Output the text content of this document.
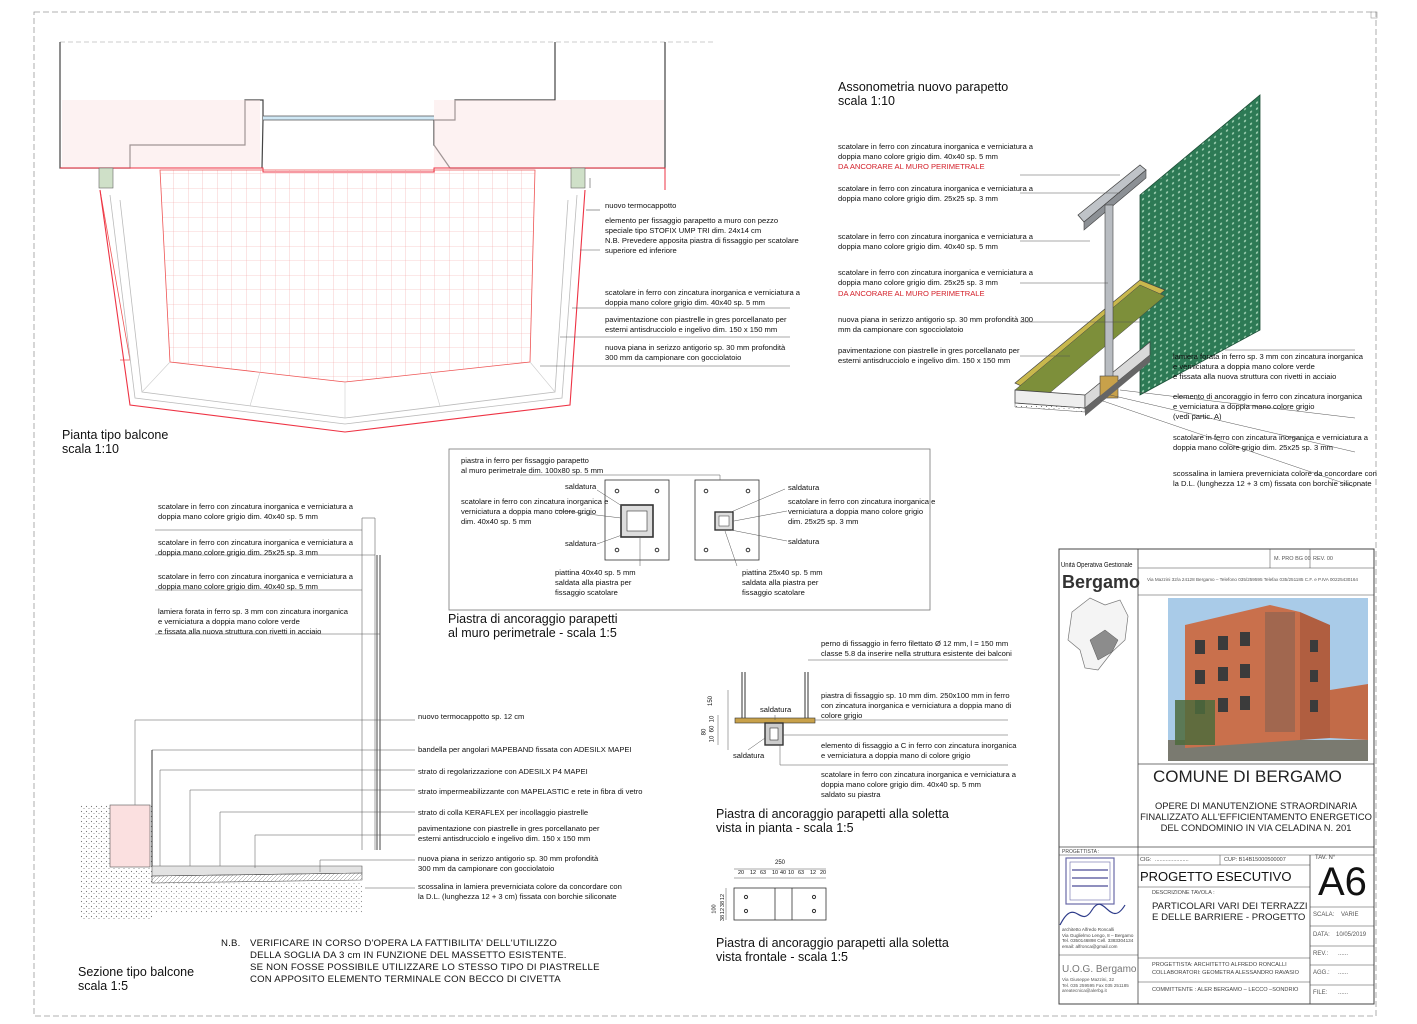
Pianta tipo balcone
scala 1:10
nuovo termocappotto
elemento per fissaggio parapetto a muro con pezzo
speciale tipo STOFIX UMP TRI dim. 24x14 cm
N.B. Prevedere apposita piastra di fissaggio per scatolare
superiore ed inferiore
scatolare in ferro con zincatura inorganica e verniciatura a
doppia mano colore grigio dim. 40x40 sp. 5 mm
pavimentazione con piastrelle in gres porcellanato per
esterni antisdrucciolo e ingelivo dim. 150 x 150 mm
nuova piana in serizzo antigorio sp. 30 mm profondità
300 mm da campionare con gocciolatoio
Assonometria nuovo parapetto
scala 1:10
scatolare in ferro con zincatura inorganica e verniciatura a
doppia mano colore grigio dim. 40x40 sp. 5 mm
DA ANCORARE AL MURO PERIMETRALE
scatolare in ferro con zincatura inorganica e verniciatura a
doppia mano colore grigio dim. 25x25 sp. 3 mm
scatolare in ferro con zincatura inorganica e verniciatura a
doppia mano colore grigio dim. 40x40 sp. 5 mm
scatolare in ferro con zincatura inorganica e verniciatura a
doppia mano colore grigio dim. 25x25 sp. 3 mm
DA ANCORARE AL MURO PERIMETRALE
nuova piana in serizzo antigorio sp. 30 mm profondità 300
mm da campionare con sgocciolatoio
pavimentazione con piastrelle in gres porcellanato per
esterni antisdrucciolo e ingelivo dim. 150 x 150 mm	lamiera forata in ferro sp. 3 mm con zincatura inorganica
e verniciatura a doppia mano colore verde
e fissata alla nuova struttura con rivetti in acciaio
elemento di ancoraggio in ferro con zincatura inorganica
e verniciatura a doppia mano colore grigio
(vedi partic. A)
scatolare in ferro con zincatura inorganica e verniciatura a
doppia mano colore grigio dim. 25x25 sp. 3 mm
scossalina in lamiera preverniciata colore da concordare con
la D.L. (lunghezza 12 + 3 cm) fissata con borchie siliconate
piastra in ferro per fissaggio parapetto
al muro perimetrale dim. 100x80 sp. 5 mm
saldatura
scatolare in ferro con zincatura inorganica e
verniciatura a doppia mano colore grigio
dim. 40x40 sp. 5 mm
saldatura
piattina 40x40 sp. 5 mm
saldata alla piastra per
fissaggio scatolare
saldatura
scatolare in ferro con zincatura inorganica e
verniciatura a doppia mano colore grigio
dim. 25x25 sp. 3 mm
saldatura
piattina 25x40 sp. 5 mm
saldata alla piastra per
fissaggio scatolare
Piastra di ancoraggio parapetti
al muro perimetrale - scala 1:5
scatolare in ferro con zincatura inorganica e verniciatura a
doppia mano colore grigio dim. 40x40 sp. 5 mm
scatolare in ferro con zincatura inorganica e verniciatura a
doppia mano colore grigio dim. 25x25 sp. 3 mm
scatolare in ferro con zincatura inorganica e verniciatura a
doppia mano colore grigio dim. 40x40 sp. 5 mm
lamiera forata in ferro sp. 3 mm con zincatura inorganica
e verniciatura a doppia mano colore verde
e fissata alla nuova struttura con rivetti in acciaio
nuovo termocappotto sp. 12 cm
bandella per angolari MAPEBAND fissata con ADESILX MAPEI
strato di regolarizzazione con ADESILX P4 MAPEI
strato impermeabilizzante con MAPELASTIC e rete in fibra di vetro
strato di colla KERAFLEX per incollaggio piastrelle
pavimentazione con piastrelle in gres porcellanato per
esterni antisdrucciolo e ingelivo dim. 150 x 150 mm
nuova piana in serizzo antigorio sp. 30 mm profondità
300 mm da campionare con gocciolatoio
scossalina in lamiera preverniciata colore da concordare con
la D.L. (lunghezza 12 + 3 cm) fissata con borchie siliconate
Sezione tipo balcone
scala 1:5
perno di fissaggio in ferro filettato Ø 12 mm, l = 150 mm
classe 5.8 da inserire nella struttura esistente dei balconi
piastra di fissaggio sp. 10 mm dim. 250x100 mm in ferro
con zincatura inorganica e verniciatura a doppia mano di
colore grigio
elemento di fissaggio a C in ferro con zincatura inorganica
e verniciatura a doppia mano di colore grigio
scatolare in ferro con zincatura inorganica e verniciatura a
doppia mano colore grigio dim. 40x40 sp. 5 mm
saldato su piastra
saldatura
saldatura
150
10
60
10
80
250
20 12 63 10 40 10 63 12 20
100
12
38
12
38
Piastra di ancoraggio parapetti alla soletta
vista in pianta - scala 1:5
Piastra di ancoraggio parapetti alla soletta
vista frontale - scala 1:5
N.B. VERIFICARE IN CORSO D'OPERA LA FATTIBILITA' DELL'UTILIZZO
DELLA SOGLIA DA 3 cm IN FUNZIONE DEL MASSETTO ESISTENTE.
SE NON FOSSE POSSIBILE UTILIZZARE LO STESSO TIPO DI PIASTRELLE
CON APPOSITO ELEMENTO TERMINALE CON BECCO DI CIVETTA
Unità Operativa Gestionale
Bergamo
M. PRO BG 00 REV. 00
Via Mazzini 32/a 24128 Bergamo – Telefono 035/259595 Telefax 035/251185 C.F. e P.IVA 00225430164
COMUNE DI BERGAMO
OPERE DI MANUTENZIONE STRAORDINARIA
FINALIZZATO ALL'EFFICIENTAMENTO ENERGETICO
DEL CONDOMINIO IN VIA CELADINA N. 201
PROGETTISTA :
CIG: ......................	CUP: B14B15000500007	TAV. N°
A6
PROGETTO ESECUTIVO
DESCRIZIONE TAVOLA :
PARTICOLARI VARI DEI TERRAZZI
E DELLE BARRIERE - PROGETTO	SCALA: VARIE
DATA: 10/05/2019
REV.: ......
AGG.: ......
FILE: ......
architetto Alfredo Roncalli
Via Guglielmo Lengo, 8 – Bergamo
Tel. 0350146898 Cell. 3383304134
email: alfronca@gmail.com
U.O.G. Bergamo
Via Giuseppe Mazzini, 32
Tel. 035 259595 Fax 035 251185
areatecnica@alerbg.it
PROGETTISTA: ARCHITETTO ALFREDO RONCALLI
COLLABORATORI: GEOMETRA ALESSANDRO RAVASIO
COMMITTENTE : ALER BERGAMO – LECCO –SONDRIO
